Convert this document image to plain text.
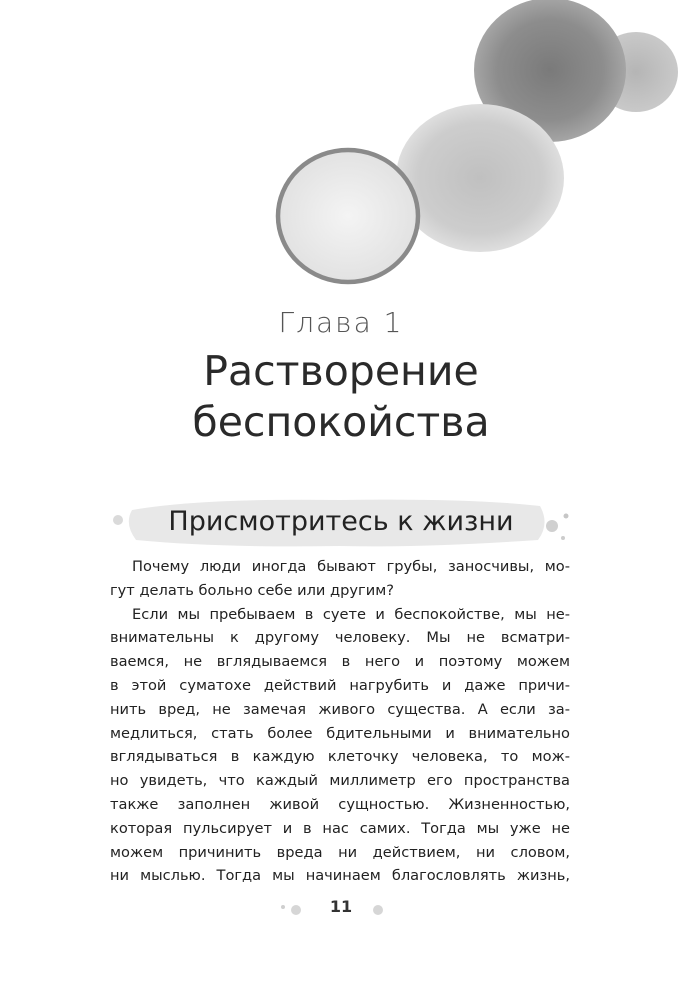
Глава 1
Растворение
беспокойства
Присмотритесь к жизни
Почему люди иногда бывают грубы, заносчивы, мо-
гут делать больно себе или другим?
Если мы пребываем в суете и беспокойстве, мы не-
внимательны к другому человеку. Мы не всматри-
ваемся, не вглядываемся в него и поэтому можем
в этой суматохе действий нагрубить и даже причи-
нить вред, не замечая живого существа. А если за-
медлиться, стать более бдительными и внимательно
вглядываться в каждую клеточку человека, то мож-
но увидеть, что каждый миллиметр его пространства
также заполнен живой сущностью. Жизненностью,
которая пульсирует и в нас самих. Тогда мы уже не
можем причинить вреда ни действием, ни словом,
ни мыслью. Тогда мы начинаем благословлять жизнь,
11
